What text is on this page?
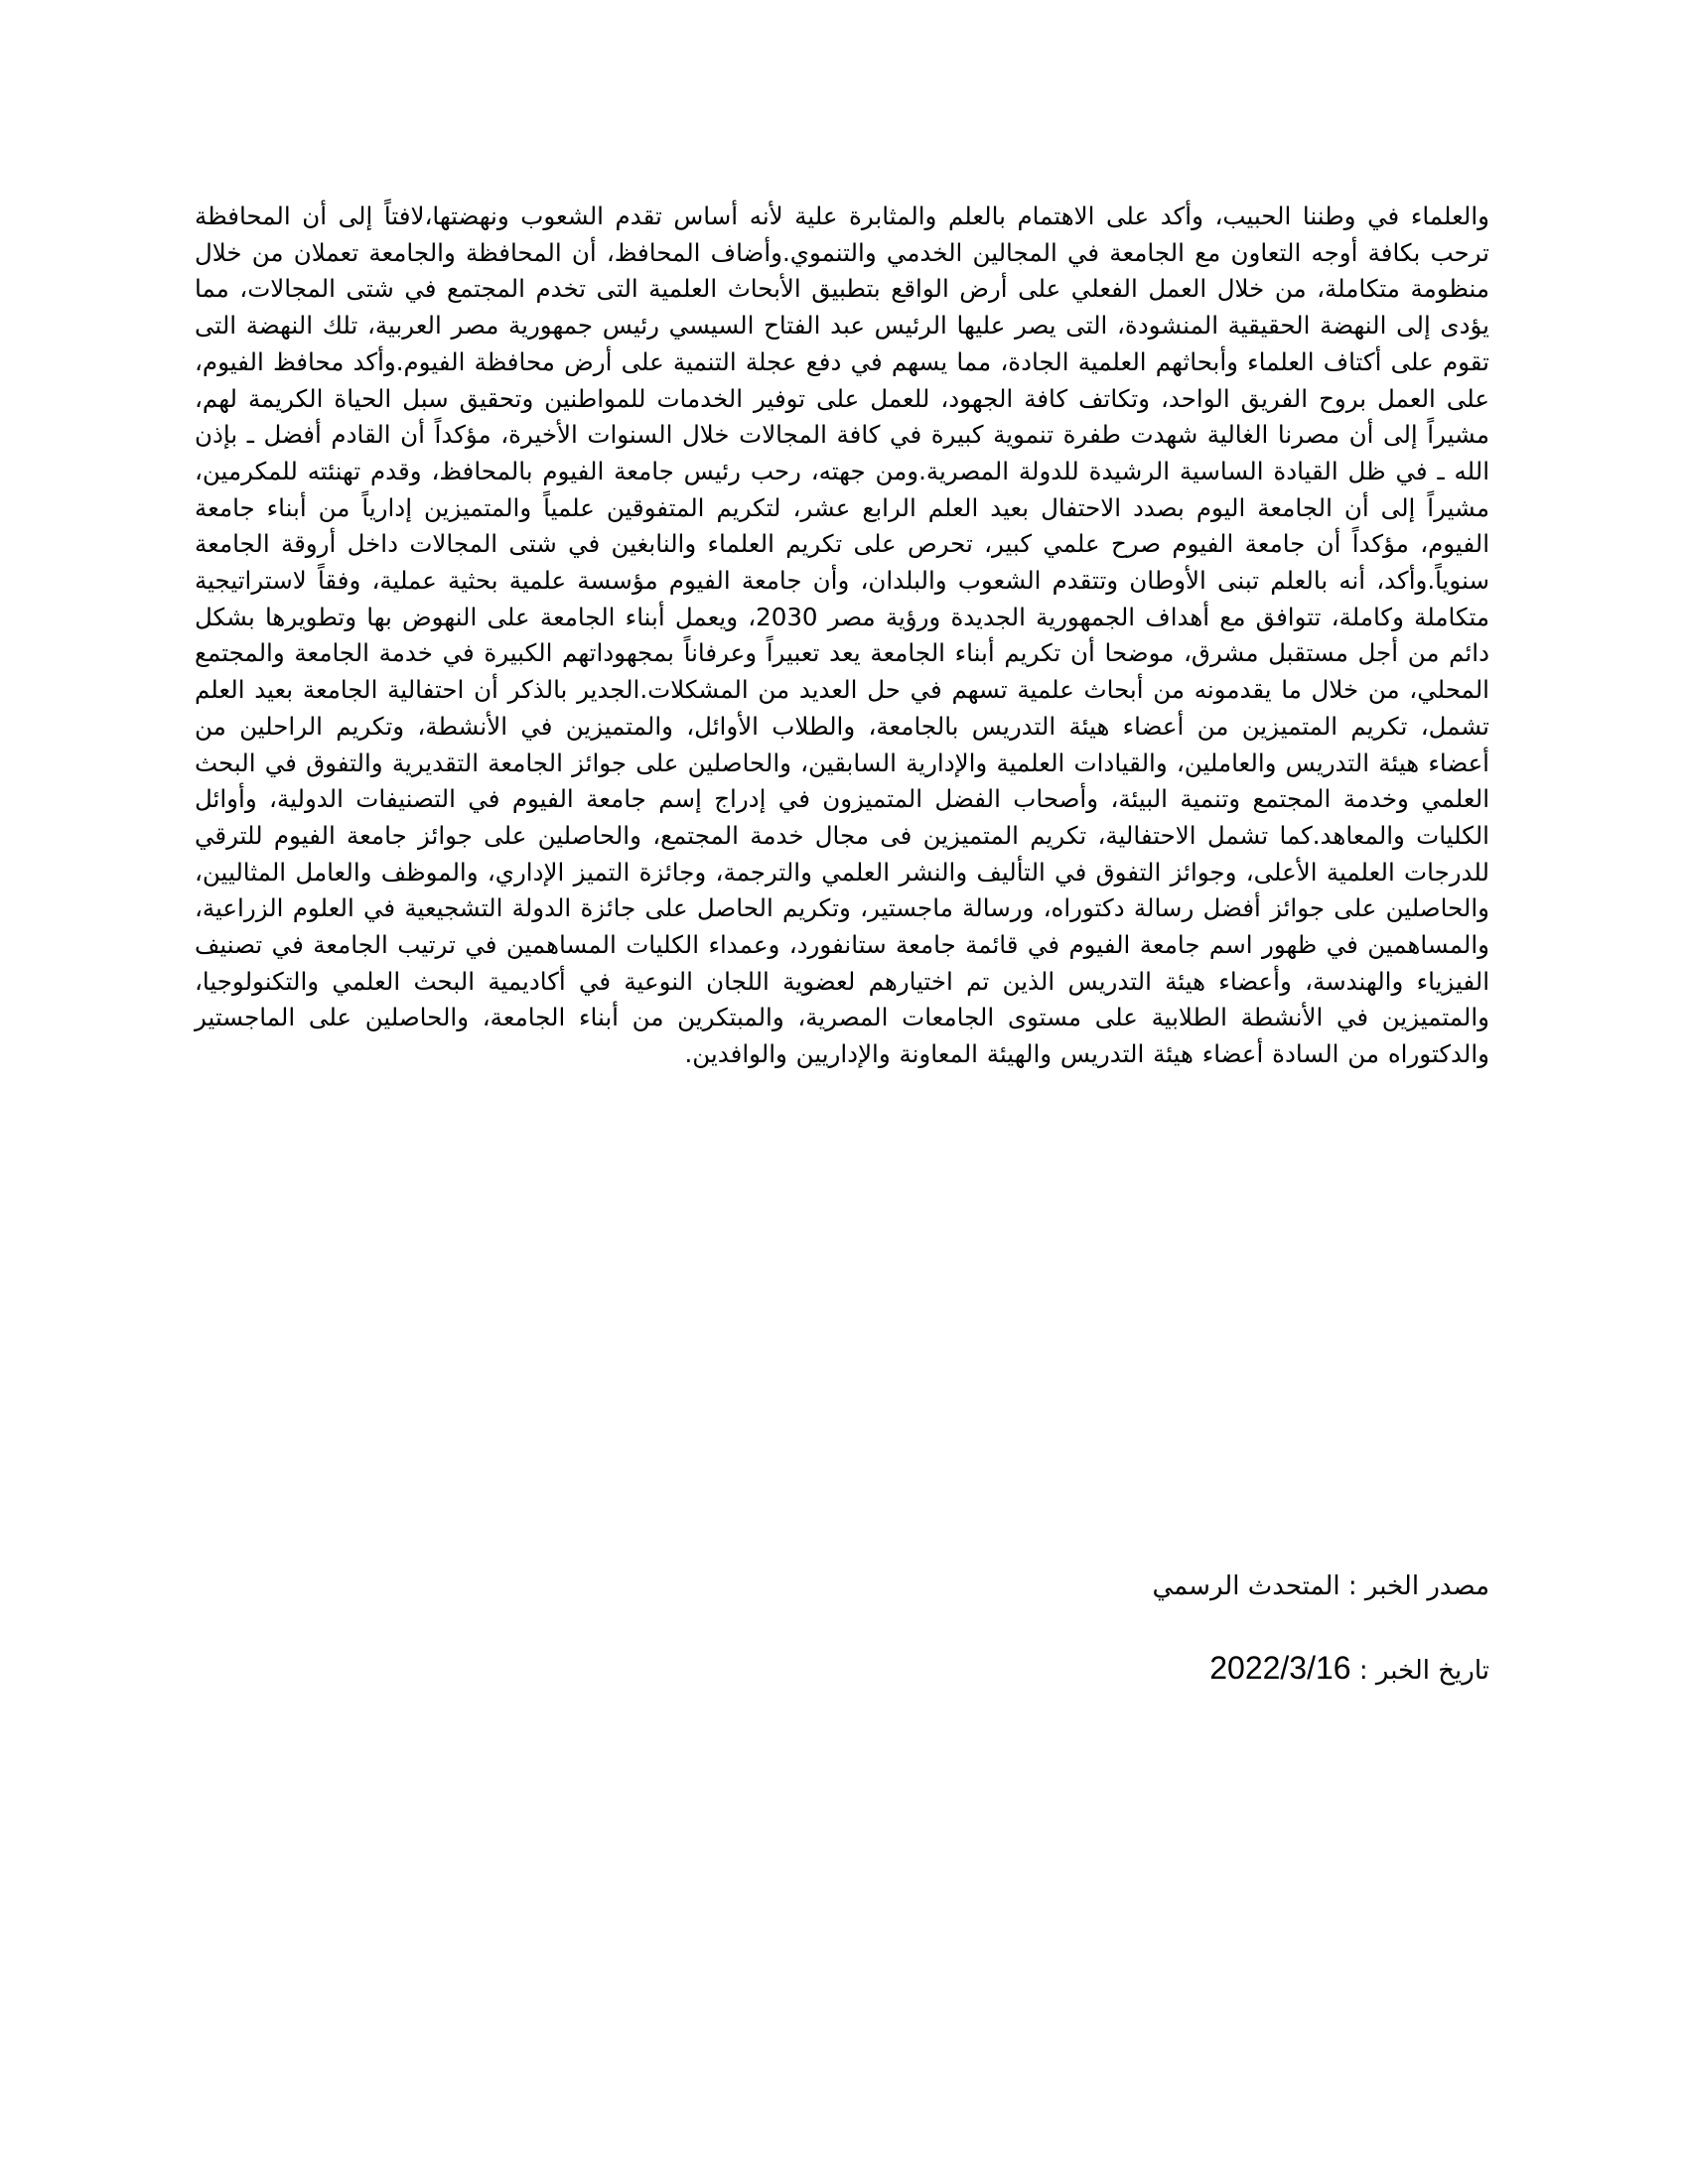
والعلماء في وطننا الحبيب، وأكد على الاهتمام بالعلم والمثابرة علية لأنه أساس تقدم الشعوب ونهضتها،لافتاً إلى أن المحافظة ترحب بكافة أوجه التعاون مع الجامعة في المجالين الخدمي والتنموي.وأضاف المحافظ، أن المحافظة والجامعة تعملان من خلال منظومة متكاملة، من خلال العمل الفعلي على أرض الواقع بتطبيق الأبحاث العلمية التى تخدم المجتمع في شتى المجالات، مما يؤدى إلى النهضة الحقيقية المنشودة، التى يصر عليها الرئيس عبد الفتاح السيسي رئيس جمهورية مصر العربية، تلك النهضة التى تقوم على أكتاف العلماء وأبحاثهم العلمية الجادة، مما يسهم في دفع عجلة التنمية على أرض محافظة الفيوم.وأكد محافظ الفيوم، على العمل بروح الفريق الواحد، وتكاتف كافة الجهود، للعمل على توفير الخدمات للمواطنين وتحقيق سبل الحياة الكريمة لهم، مشيراً إلى أن مصرنا الغالية شهدت طفرة تنموية كبيرة في كافة المجالات خلال السنوات الأخيرة، مؤكداً أن القادم أفضل ـ بإذن الله ـ في ظل القيادة الساسية الرشيدة للدولة المصرية.ومن جهته، رحب رئيس جامعة الفيوم بالمحافظ، وقدم تهنئته للمكرمين، مشيراً إلى أن الجامعة اليوم بصدد الاحتفال بعيد العلم الرابع عشر، لتكريم المتفوقين علمياً والمتميزين إدارياً من أبناء جامعة الفيوم، مؤكداً أن جامعة الفيوم صرح علمي كبير، تحرص على تكريم العلماء والنابغين في شتى المجالات داخل أروقة الجامعة سنوياً.وأكد، أنه بالعلم تبنى الأوطان وتتقدم الشعوب والبلدان، وأن جامعة الفيوم مؤسسة علمية بحثية عملية، وفقاً لاستراتيجية متكاملة وكاملة، تتوافق مع أهداف الجمهورية الجديدة ورؤية مصر 2030، ويعمل أبناء الجامعة على النهوض بها وتطويرها بشكل دائم من أجل مستقبل مشرق، موضحا أن تكريم أبناء الجامعة يعد تعبيراً وعرفاناً بمجهوداتهم الكبيرة في خدمة الجامعة والمجتمع المحلي، من خلال ما يقدمونه من أبحاث علمية تسهم في حل العديد من المشكلات.الجدير بالذكر أن احتفالية الجامعة بعيد العلم تشمل، تكريم المتميزين من أعضاء هيئة التدريس بالجامعة، والطلاب الأوائل، والمتميزين في الأنشطة، وتكريم الراحلين من أعضاء هيئة التدريس والعاملين، والقيادات العلمية والإدارية السابقين، والحاصلين على جوائز الجامعة التقديرية والتفوق في البحث العلمي وخدمة المجتمع وتنمية البيئة، وأصحاب الفضل المتميزون في إدراج إسم جامعة الفيوم في التصنيفات الدولية، وأوائل الكليات والمعاهد.كما تشمل الاحتفالية، تكريم المتميزين فى مجال خدمة المجتمع، والحاصلين على جوائز جامعة الفيوم للترقي للدرجات العلمية الأعلى، وجوائز التفوق في التأليف والنشر العلمي والترجمة، وجائزة التميز الإداري، والموظف والعامل المثاليين، والحاصلين على جوائز أفضل رسالة دكتوراه، ورسالة ماجستير، وتكريم الحاصل على جائزة الدولة التشجيعية في العلوم الزراعية، والمساهمين في ظهور اسم جامعة الفيوم في قائمة جامعة ستانفورد، وعمداء الكليات المساهمين في ترتيب الجامعة في تصنيف الفيزياء والهندسة، وأعضاء هيئة التدريس الذين تم اختيارهم لعضوية اللجان النوعية في أكاديمية البحث العلمي والتكنولوجيا، والمتميزين في الأنشطة الطلابية على مستوى الجامعات المصرية، والمبتكرين من أبناء الجامعة، والحاصلين على الماجستير والدكتوراه من السادة أعضاء هيئة التدريس والهيئة المعاونة والإداريين والوافدين.

مصدر الخبر : المتحدث الرسمي

تاريخ الخبر : 2022/3/16
